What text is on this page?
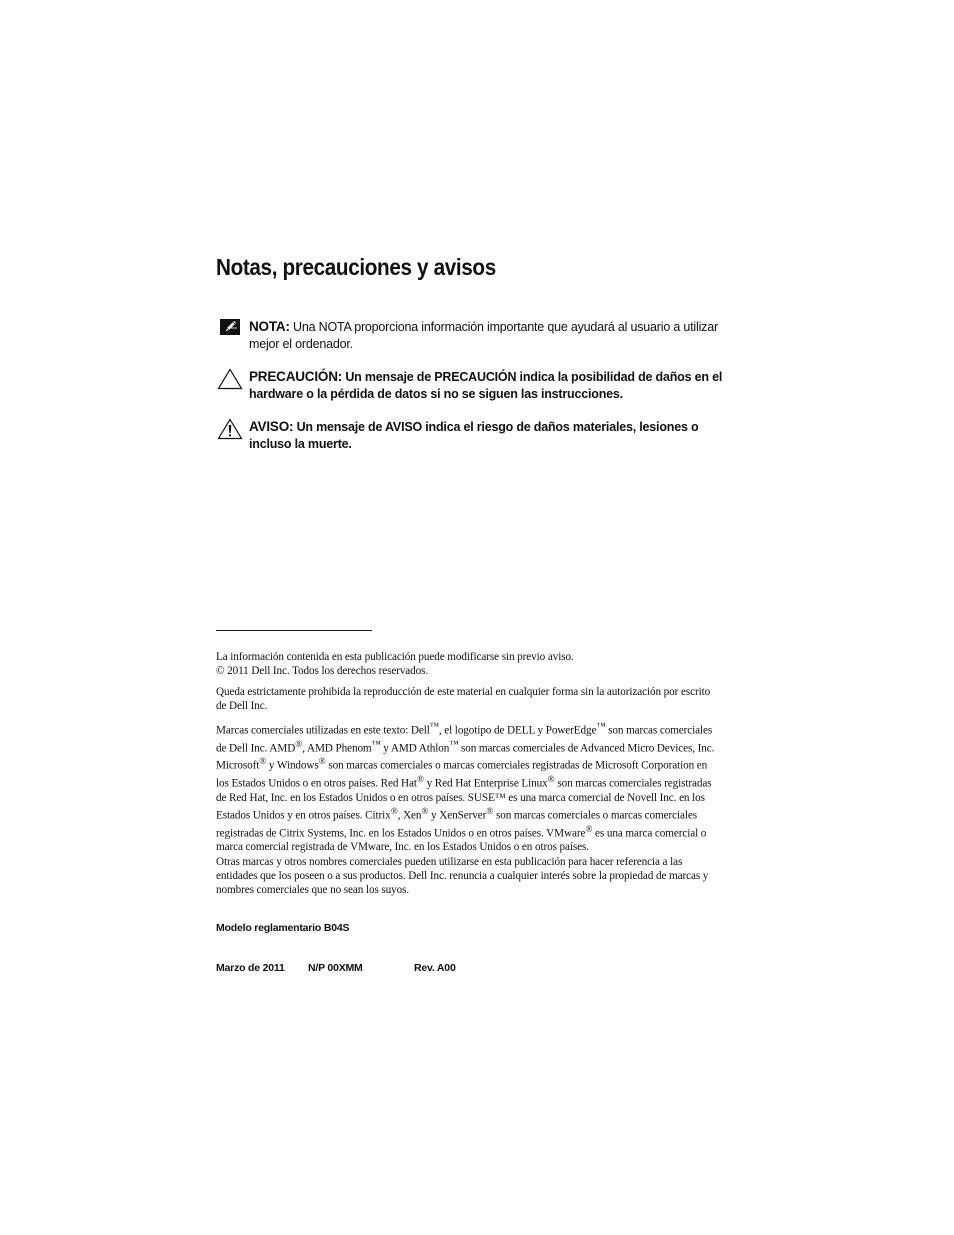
Notas, precauciones y avisos
NOTA: Una NOTA proporciona información importante que ayudará al usuario a utilizar mejor el ordenador.
PRECAUCIÓN: Un mensaje de PRECAUCIÓN indica la posibilidad de daños en el hardware o la pérdida de datos si no se siguen las instrucciones.
AVISO: Un mensaje de AVISO indica el riesgo de daños materiales, lesiones o incluso la muerte.

La información contenida en esta publicación puede modificarse sin previo aviso.
© 2011 Dell Inc. Todos los derechos reservados.

Queda estrictamente prohibida la reproducción de este material en cualquier forma sin la autorización por escrito de Dell Inc.

Marcas comerciales utilizadas en este texto: Dell™, el logotipo de DELL y PowerEdge™ son marcas comerciales de Dell Inc. AMD®, AMD Phenom™ y AMD Athlon™ son marcas comerciales de Advanced Micro Devices, Inc. Microsoft® y Windows® son marcas comerciales o marcas comerciales registradas de Microsoft Corporation en los Estados Unidos o en otros países. Red Hat® y Red Hat Enterprise Linux® son marcas comerciales registradas de Red Hat, Inc. en los Estados Unidos o en otros países. SUSE™ es una marca comercial de Novell Inc. en los Estados Unidos y en otros países. Citrix®, Xen® y XenServer® son marcas comerciales o marcas comerciales registradas de Citrix Systems, Inc. en los Estados Unidos o en otros países. VMware® es una marca comercial o marca comercial registrada de VMware, Inc. en los Estados Unidos o en otros países.

Otras marcas y otros nombres comerciales pueden utilizarse en esta publicación para hacer referencia a las entidades que los poseen o a sus productos. Dell Inc. renuncia a cualquier interés sobre la propiedad de marcas y nombres comerciales que no sean los suyos.

Modelo reglamentario B04S
Marzo de 2011 N/P 00XMM	Rev. A00
